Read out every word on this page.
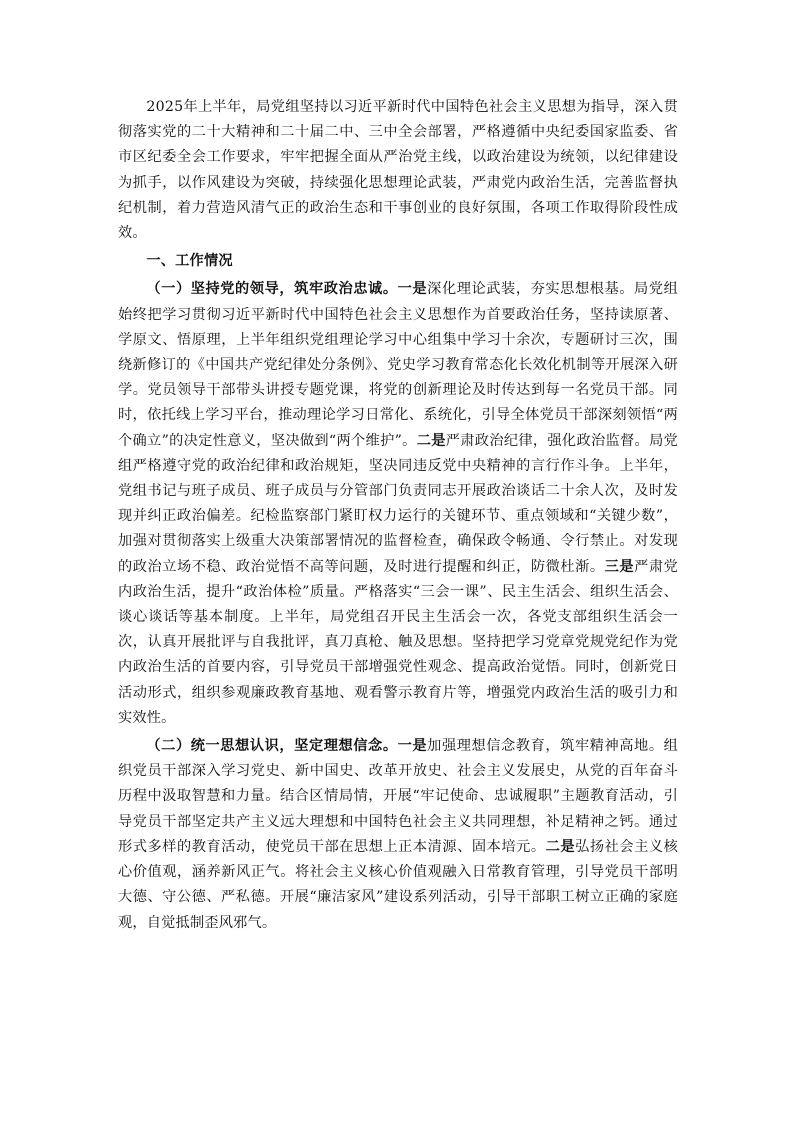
2025年上半年，局党组坚持以习近平新时代中国特色社会主义思想为指导，深入贯彻落实党的二十大精神和二十届二中、三中全会部署，严格遵循中央纪委国家监委、省市区纪委全会工作要求，牢牢把握全面从严治党主线，以政治建设为统领，以纪律建设为抓手，以作风建设为突破，持续强化思想理论武装，严肃党内政治生活，完善监督执纪机制，着力营造风清气正的政治生态和干事创业的良好氛围，各项工作取得阶段性成效。

一、工作情况

（一）坚持党的领导，筑牢政治忠诚。一是深化理论武装，夯实思想根基。局党组始终把学习贯彻习近平新时代中国特色社会主义思想作为首要政治任务，坚持读原著、学原文、悟原理，上半年组织党组理论学习中心组集中学习十余次，专题研讨三次，围绕新修订的《中国共产党纪律处分条例》、党史学习教育常态化长效化机制等开展深入研学。党员领导干部带头讲授专题党课，将党的创新理论及时传达到每一名党员干部。同时，依托线上学习平台，推动理论学习日常化、系统化，引导全体党员干部深刻领悟“两个确立”的决定性意义，坚决做到“两个维护”。二是严肃政治纪律，强化政治监督。局党组严格遵守党的政治纪律和政治规矩，坚决同违反党中央精神的言行作斗争。上半年，党组书记与班子成员、班子成员与分管部门负责同志开展政治谈话二十余人次，及时发现并纠正政治偏差。纪检监察部门紧盯权力运行的关键环节、重点领域和“关键少数”，加强对贯彻落实上级重大决策部署情况的监督检查，确保政令畅通、令行禁止。对发现的政治立场不稳、政治觉悟不高等问题，及时进行提醒和纠正，防微杜渐。三是严肃党内政治生活，提升“政治体检”质量。严格落实“三会一课”、民主生活会、组织生活会、谈心谈话等基本制度。上半年，局党组召开民主生活会一次，各党支部组织生活会一次，认真开展批评与自我批评，真刀真枪、触及思想。坚持把学习党章党规党纪作为党内政治生活的首要内容，引导党员干部增强党性观念、提高政治觉悟。同时，创新党日活动形式，组织参观廉政教育基地、观看警示教育片等，增强党内政治生活的吸引力和实效性。

（二）统一思想认识，坚定理想信念。一是加强理想信念教育，筑牢精神高地。组织党员干部深入学习党史、新中国史、改革开放史、社会主义发展史，从党的百年奋斗历程中汲取智慧和力量。结合区情局情，开展“牢记使命、忠诚履职”主题教育活动，引导党员干部坚定共产主义远大理想和中国特色社会主义共同理想，补足精神之钙。通过形式多样的教育活动，使党员干部在思想上正本清源、固本培元。二是弘扬社会主义核心价值观，涵养新风正气。将社会主义核心价值观融入日常教育管理，引导党员干部明大德、守公德、严私德。开展“廉洁家风”建设系列活动，引导干部职工树立正确的家庭观，自觉抵制歪风邪气。
